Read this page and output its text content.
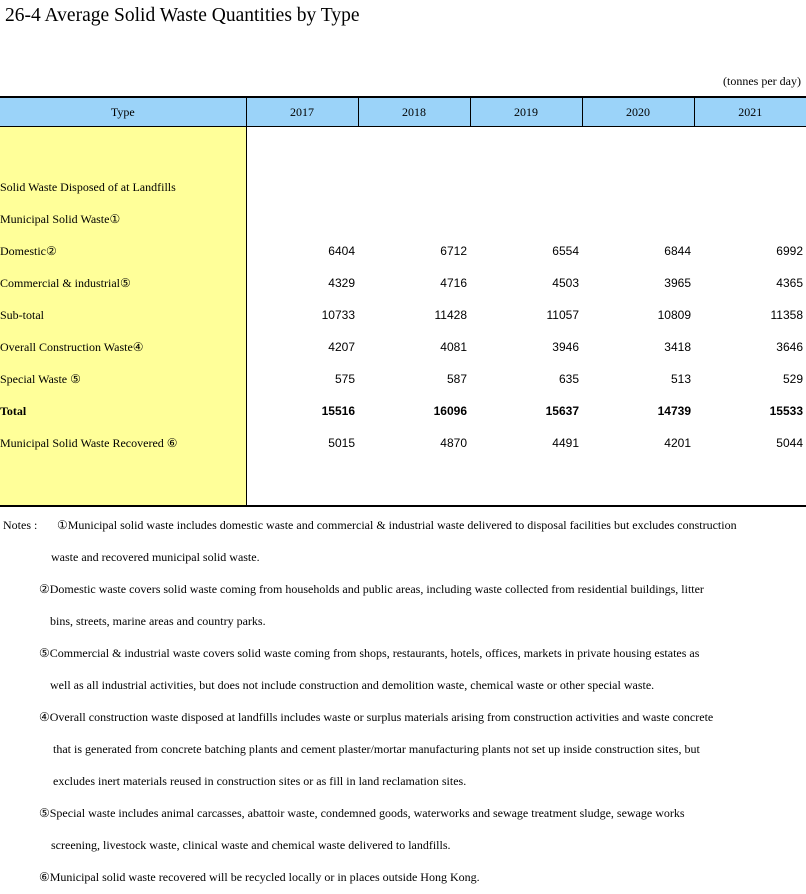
26-4 Average Solid Waste Quantities by Type
(tonnes per day)
Type	2017	2018	2019	2020	2021

Solid Waste Disposed of at Landfills					
Municipal Solid Waste①					
Domestic②	6404	6712	6554	6844	6992
Commercial & industrial⑤	4329	4716	4503	3965	4365
Sub-total	10733	11428	11057	10809	11358
Overall Construction Waste④	4207	4081	3946	3418	3646
Special Waste ⑤	575	587	635	513	529
Total	15516	16096	15637	14739	15533
Municipal Solid Waste Recovered ⑥	5015	4870	4491	4201	5044

Notes :	①Municipal solid waste includes domestic waste and commercial & industrial waste delivered to disposal facilities but excludes construction
waste and recovered municipal solid waste.
②Domestic waste covers solid waste coming from households and public areas, including waste collected from residential buildings, litter
bins, streets, marine areas and country parks.
⑤Commercial & industrial waste covers solid waste coming from shops, restaurants, hotels, offices, markets in private housing estates as
well as all industrial activities, but does not include construction and demolition waste, chemical waste or other special waste.
④Overall construction waste disposed at landfills includes waste or surplus materials arising from construction activities and waste concrete
that is generated from concrete batching plants and cement plaster/mortar manufacturing plants not set up inside construction sites, but
excludes inert materials reused in construction sites or as fill in land reclamation sites.
⑤Special waste includes animal carcasses, abattoir waste, condemned goods, waterworks and sewage treatment sludge, sewage works
screening, livestock waste, clinical waste and chemical waste delivered to landfills.
⑥Municipal solid waste recovered will be recycled locally or in places outside Hong Kong.
